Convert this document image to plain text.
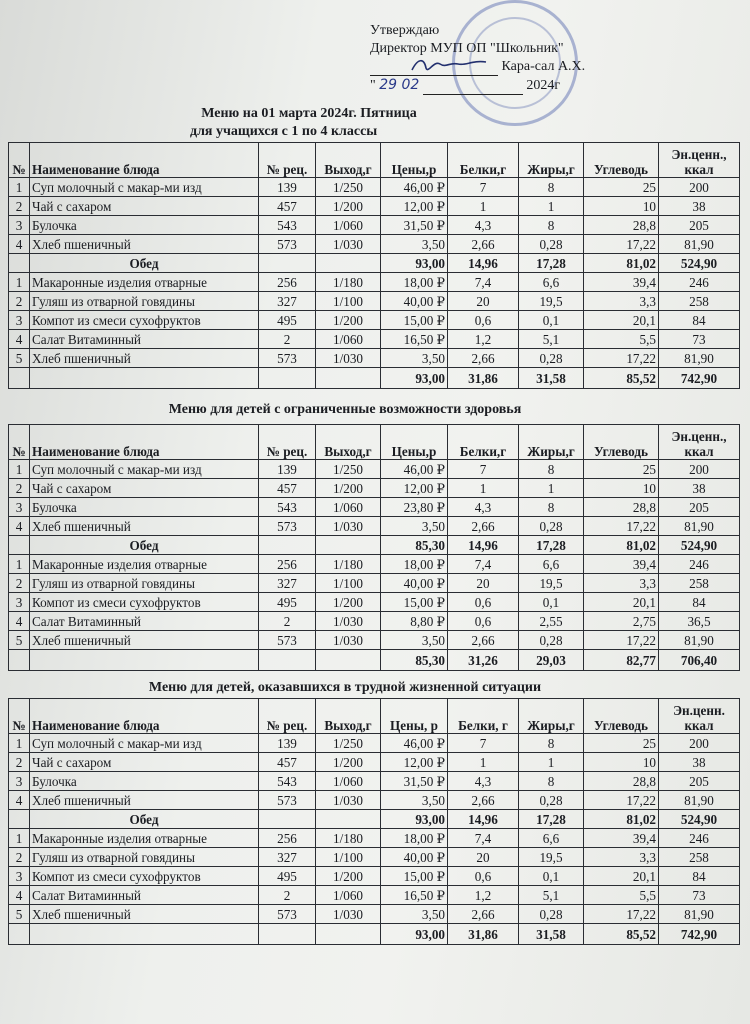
Утверждаю
Директор МУП ОП "Школьник"
Кара-сал А.Х.
" 29 02	2024г
Меню на 01 марта 2024г. Пятница
для учащихся с 1 по 4 классы
№	Наименование блюда	№ рец.	Выход,г	Цены,р	Белки,г	Жиры,г	Углеводь	Эн.ценн., ккал
1	Суп молочный с макар-ми изд	139	1/250	46,00 ₽	7	8	25	200
2	Чай с сахаром	457	1/200	12,00 ₽	1	1	10	38
3	Булочка	543	1/060	31,50 ₽	4,3	8	28,8	205
4	Хлеб пшеничный	573	1/030	3,50	2,66	0,28	17,22	81,90
	Обед			93,00	14,96	17,28	81,02	524,90
1	Макаронные изделия отварные	256	1/180	18,00 ₽	7,4	6,6	39,4	246
2	Гуляш из отварной говядины	327	1/100	40,00 ₽	20	19,5	3,3	258
3	Компот из смеси сухофруктов	495	1/200	15,00 ₽	0,6	0,1	20,1	84
4	Салат Витаминный	2	1/060	16,50 ₽	1,2	5,1	5,5	73
5	Хлеб пшеничный	573	1/030	3,50	2,66	0,28	17,22	81,90
				93,00	31,86	31,58	85,52	742,90
Меню для детей с ограниченные возможности здоровья
№	Наименование блюда	№ рец.	Выход,г	Цены,р	Белки,г	Жиры,г	Углеводь	Эн.ценн., ккал
1	Суп молочный с макар-ми изд	139	1/250	46,00 ₽	7	8	25	200
2	Чай с сахаром	457	1/200	12,00 ₽	1	1	10	38
3	Булочка	543	1/060	23,80 ₽	4,3	8	28,8	205
4	Хлеб пшеничный	573	1/030	3,50	2,66	0,28	17,22	81,90
	Обед			85,30	14,96	17,28	81,02	524,90
1	Макаронные изделия отварные	256	1/180	18,00 ₽	7,4	6,6	39,4	246
2	Гуляш из отварной говядины	327	1/100	40,00 ₽	20	19,5	3,3	258
3	Компот из смеси сухофруктов	495	1/200	15,00 ₽	0,6	0,1	20,1	84
4	Салат Витаминный	2	1/030	8,80 ₽	0,6	2,55	2,75	36,5
5	Хлеб пшеничный	573	1/030	3,50	2,66	0,28	17,22	81,90
				85,30	31,26	29,03	82,77	706,40
Меню для детей, оказавшихся в трудной жизненной ситуации
№	Наименование блюда	№ рец.	Выход,г	Цены, р	Белки, г	Жиры,г	Углеводь	Эн.ценн. ккал
1	Суп молочный с макар-ми изд	139	1/250	46,00 ₽	7	8	25	200
2	Чай с сахаром	457	1/200	12,00 ₽	1	1	10	38
3	Булочка	543	1/060	31,50 ₽	4,3	8	28,8	205
4	Хлеб пшеничный	573	1/030	3,50	2,66	0,28	17,22	81,90
	Обед			93,00	14,96	17,28	81,02	524,90
1	Макаронные изделия отварные	256	1/180	18,00 ₽	7,4	6,6	39,4	246
2	Гуляш из отварной говядины	327	1/100	40,00 ₽	20	19,5	3,3	258
3	Компот из смеси сухофруктов	495	1/200	15,00 ₽	0,6	0,1	20,1	84
4	Салат Витаминный	2	1/060	16,50 ₽	1,2	5,1	5,5	73
5	Хлеб пшеничный	573	1/030	3,50	2,66	0,28	17,22	81,90
				93,00	31,86	31,58	85,52	742,90
